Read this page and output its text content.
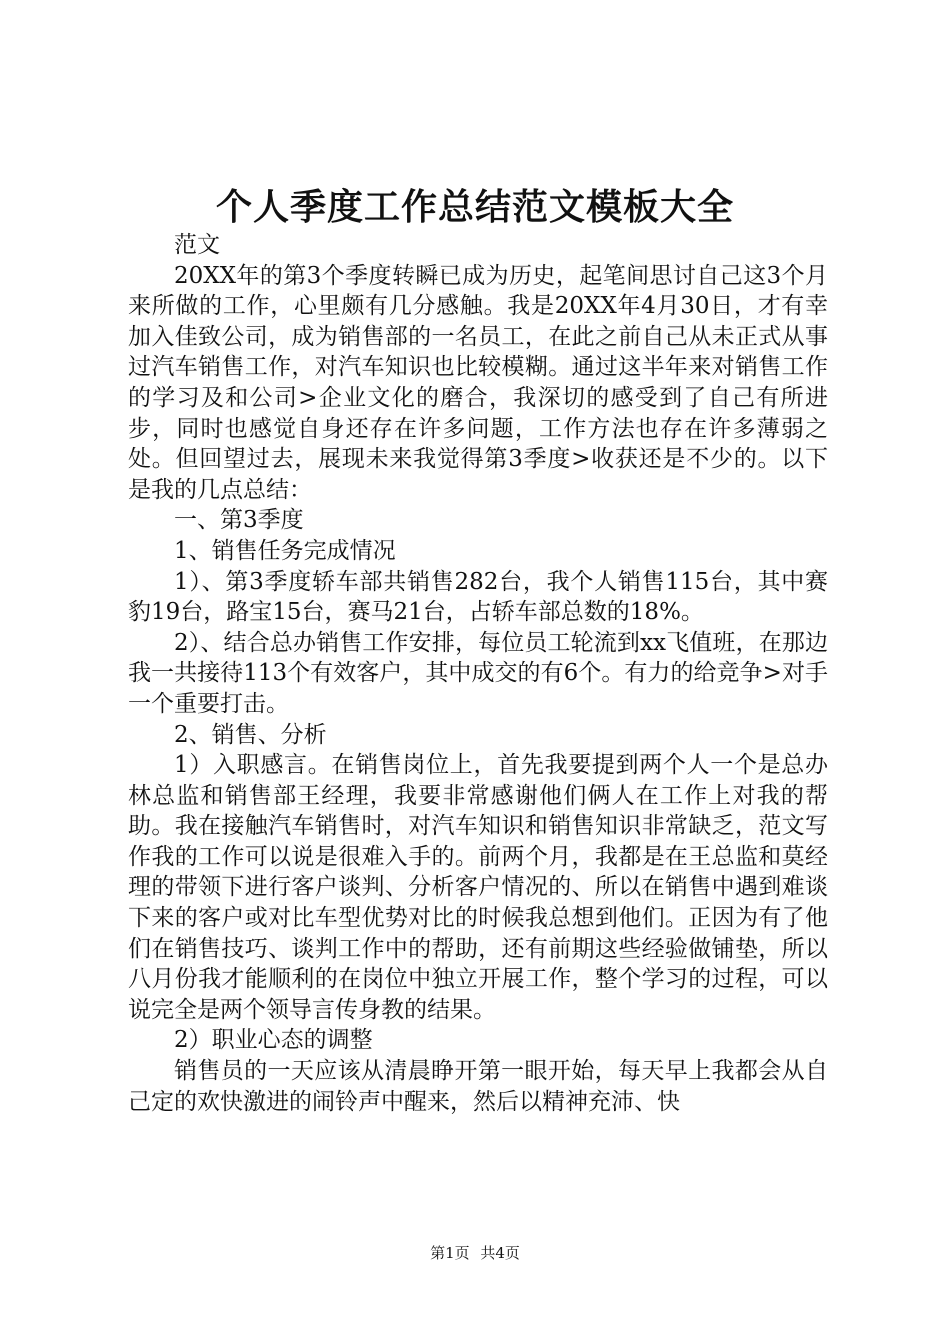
个人季度工作总结范文模板大全

范文

20XX年的第3个季度转瞬已成为历史，起笔间思讨自己这3个月来所做的工作，心里颇有几分感触。我是20XX年4月30日，才有幸加入佳致公司，成为销售部的一名员工，在此之前自己从未正式从事过汽车销售工作，对汽车知识也比较模糊。通过这半年来对销售工作的学习及和公司>企业文化的磨合，我深切的感受到了自己有所进步，同时也感觉自身还存在许多问题，工作方法也存在许多薄弱之处。但回望过去，展现未来我觉得第3季度>收获还是不少的。以下是我的几点总结：

一、第3季度

1、销售任务完成情况

1）、第3季度轿车部共销售282台，我个人销售115台，其中赛豹19台，路宝15台，赛马21台，占轿车部总数的18%。

2）、结合总办销售工作安排，每位员工轮流到xx飞值班，在那边我一共接待113个有效客户，其中成交的有6个。有力的给竞争>对手一个重要打击。

2、销售、分析

1）入职感言。在销售岗位上，首先我要提到两个人一个是总办林总监和销售部王经理，我要非常感谢他们俩人在工作上对我的帮助。我在接触汽车销售时，对汽车知识和销售知识非常缺乏，范文写作我的工作可以说是很难入手的。前两个月，我都是在王总监和莫经理的带领下进行客户谈判、分析客户情况的、所以在销售中遇到难谈下来的客户或对比车型优势对比的时候我总想到他们。正因为有了他们在销售技巧、谈判工作中的帮助，还有前期这些经验做铺垫，所以八月份我才能顺利的在岗位中独立开展工作，整个学习的过程，可以说完全是两个领导言传身教的结果。

2）职业心态的调整

销售员的一天应该从清晨睁开第一眼开始，每天早上我都会从自己定的欢快激进的闹铃声中醒来，然后以精神充沛、快

第1页 共4页
